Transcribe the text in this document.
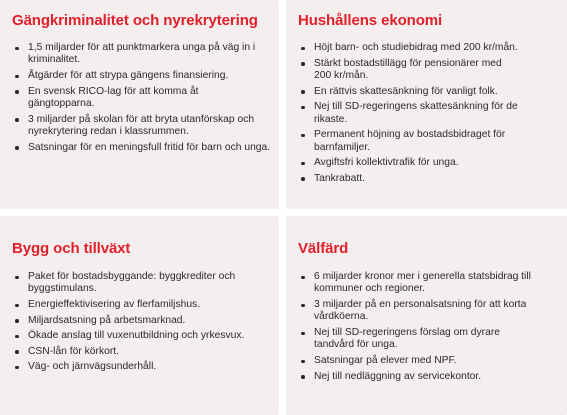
Gängkriminalitet och nyrekrytering
1,5 miljarder för att punktmarkera unga på väg in i kriminalitet.
Åtgärder för att strypa gängens finansiering.
En svensk RICO-lag för att komma åt gängtopparna.
3 miljarder på skolan för att bryta utanförskap och nyrekrytering redan i klassrummen.
Satsningar för en meningsfull fritid för barn och unga.
Hushållens ekonomi
Höjt barn- och studiebidrag med 200 kr/mån.
Stärkt bostadstillägg för pensionärer med 200 kr/mån.
En rättvis skattesänkning för vanligt folk.
Nej till SD-regeringens skattesänkning för de rikaste.
Permanent höjning av bostadsbidraget för barnfamiljer.
Avgiftsfri kollektivtrafik för unga.
Tankrabatt.
Bygg och tillväxt
Paket för bostadsbyggande: byggkrediter och byggstimulans.
Energieffektivisering av flerfamiljshus.
Miljardsatsning på arbetsmarknad.
Ökade anslag till vuxenutbildning och yrkesvux.
CSN-lån för körkort.
Väg- och järnvägsunderhåll.
Välfärd
6 miljarder kronor mer i generella statsbidrag till kommuner och regioner.
3 miljarder på en personalsatsning för att korta vårdköerna.
Nej till SD-regeringens förslag om dyrare tandvård för unga.
Satsningar på elever med NPF.
Nej till nedläggning av servicekontor.
